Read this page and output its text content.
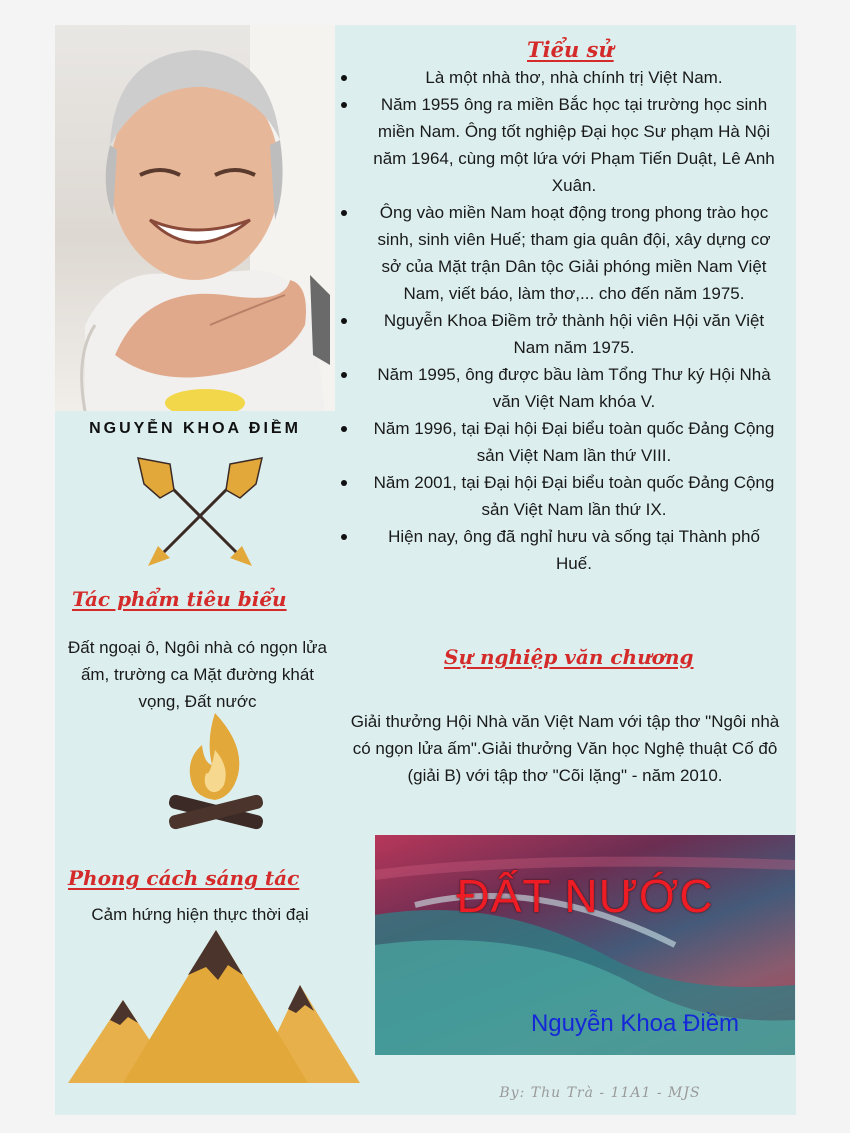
NGUYỄN KHOA ĐIỀM
Tiểu sử
Là một nhà thơ, nhà chính trị Việt Nam.
Năm 1955 ông ra miền Bắc học tại trường học sinh miền Nam. Ông tốt nghiệp Đại học Sư phạm Hà Nội năm 1964, cùng một lứa với Phạm Tiến Duật, Lê Anh Xuân.
Ông vào miền Nam hoạt động trong phong trào học sinh, sinh viên Huế; tham gia quân đội, xây dựng cơ sở của Mặt trận Dân tộc Giải phóng miền Nam Việt Nam, viết báo, làm thơ,... cho đến năm 1975.
Nguyễn Khoa Điềm trở thành hội viên Hội văn Việt Nam năm 1975.
Năm 1995, ông được bầu làm Tổng Thư ký Hội Nhà văn Việt Nam khóa V.
Năm 1996, tại Đại hội Đại biểu toàn quốc Đảng Cộng sản Việt Nam lần thứ VIII.
Năm 2001, tại Đại hội Đại biểu toàn quốc Đảng Cộng sản Việt Nam lần thứ IX.
Hiện nay, ông đã nghỉ hưu và sống tại Thành phố Huế.
Tác phẩm tiêu biểu

Đất ngoại ô, Ngôi nhà có ngọn lửa ấm, trường ca Mặt đường khát vọng, Đất nước

Sự nghiệp văn chương

Giải thưởng Hội Nhà văn Việt Nam với tập thơ "Ngôi nhà có ngọn lửa ấm".Giải thưởng Văn học Nghệ thuật Cố đô (giải B) với tập thơ "Cõi lặng" - năm 2010.

Phong cách sáng tác

Cảm hứng hiện thực thời đại	ĐẤT NƯỚC

Nguyễn Khoa Điềm

By: Thu Trà - 11A1 - MJS
